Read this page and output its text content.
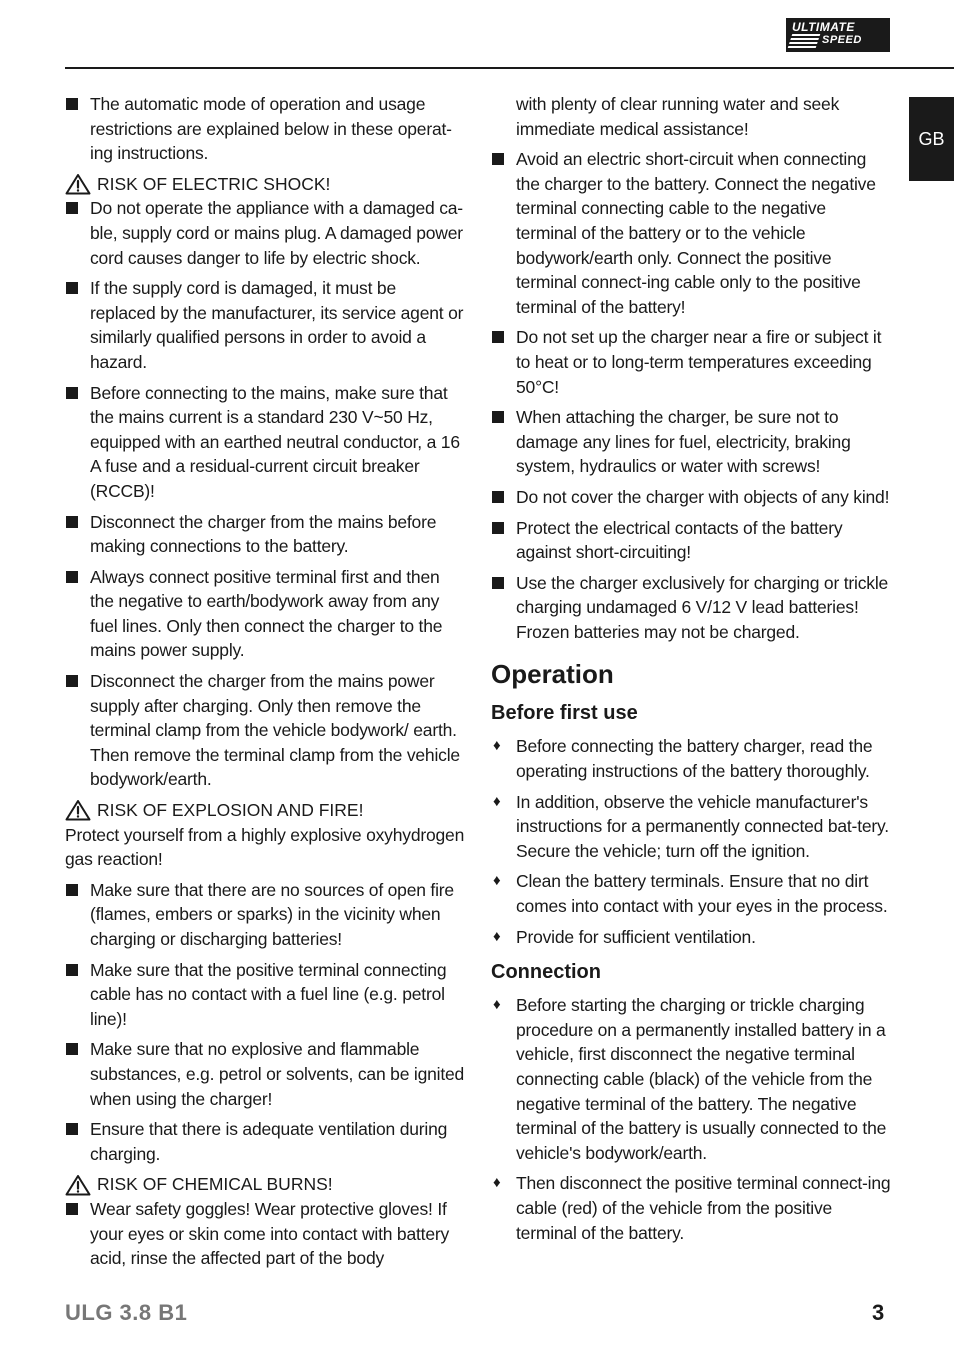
ULTIMATE
SPEED
GB
The automatic mode of operation and usage restrictions are explained below in these operat-ing instructions.
RISK OF ELECTRIC SHOCK!
Do not operate the appliance with a damaged ca-ble, supply cord or mains plug. A damaged power cord causes danger to life by electric shock.
If the supply cord is damaged, it must be replaced by the manufacturer, its service agent or similarly qualified persons in order to avoid a hazard.
Before connecting to the mains, make sure that the mains current is a standard 230 V~50 Hz, equipped with an earthed neutral conductor, a 16 A fuse and a residual-current circuit breaker (RCCB)!
Disconnect the charger from the mains before making connections to the battery.
Always connect positive terminal first and then the negative to earth/bodywork away from any fuel lines. Only then connect the charger to the mains power supply.
Disconnect the charger from the mains power supply after charging. Only then remove the terminal clamp from the vehicle bodywork/ earth. Then remove the terminal clamp from the vehicle bodywork/earth.
RISK OF EXPLOSION AND FIRE!
Protect yourself from a highly explosive oxyhydrogen gas reaction!
Make sure that there are no sources of open fire (flames, embers or sparks) in the vicinity when charging or discharging batteries!
Make sure that the positive terminal connecting cable has no contact with a fuel line (e.g. petrol line)!
Make sure that no explosive and flammable substances, e.g. petrol or solvents, can be ignited when using the charger!
Ensure that there is adequate ventilation during charging.
RISK OF CHEMICAL BURNS!
Wear safety goggles! Wear protective gloves! If your eyes or skin come into contact with battery acid, rinse the affected part of the body
with plenty of clear running water and seek immediate medical assistance!
Avoid an electric short-circuit when connecting the charger to the battery. Connect the negative terminal connecting cable to the negative terminal of the battery or to the vehicle bodywork/earth only. Connect the positive terminal connect-ing cable only to the positive terminal of the battery!
Do not set up the charger near a fire or subject it to heat or to long-term temperatures exceeding 50°C!
When attaching the charger, be sure not to damage any lines for fuel, electricity, braking system, hydraulics or water with screws!
Do not cover the charger with objects of any kind!
Protect the electrical contacts of the battery against short-circuiting!
Use the charger exclusively for charging or trickle charging undamaged 6 V/12 V lead batteries! Frozen batteries may not be charged.
Operation
Before first use
♦ Before connecting the battery charger, read the operating instructions of the battery thoroughly.
♦ In addition, observe the vehicle manufacturer's instructions for a permanently connected bat-tery. Secure the vehicle; turn off the ignition.
♦ Clean the battery terminals. Ensure that no dirt comes into contact with your eyes in the process.
♦ Provide for sufficient ventilation.
Connection
♦ Before starting the charging or trickle charging procedure on a permanently installed battery in a vehicle, first disconnect the negative terminal connecting cable (black) of the vehicle from the negative terminal of the battery. The negative terminal of the battery is usually connected to the vehicle's bodywork/earth.
♦ Then disconnect the positive terminal connect-ing cable (red) of the vehicle from the positive terminal of the battery.
ULG 3.8 B1	3
